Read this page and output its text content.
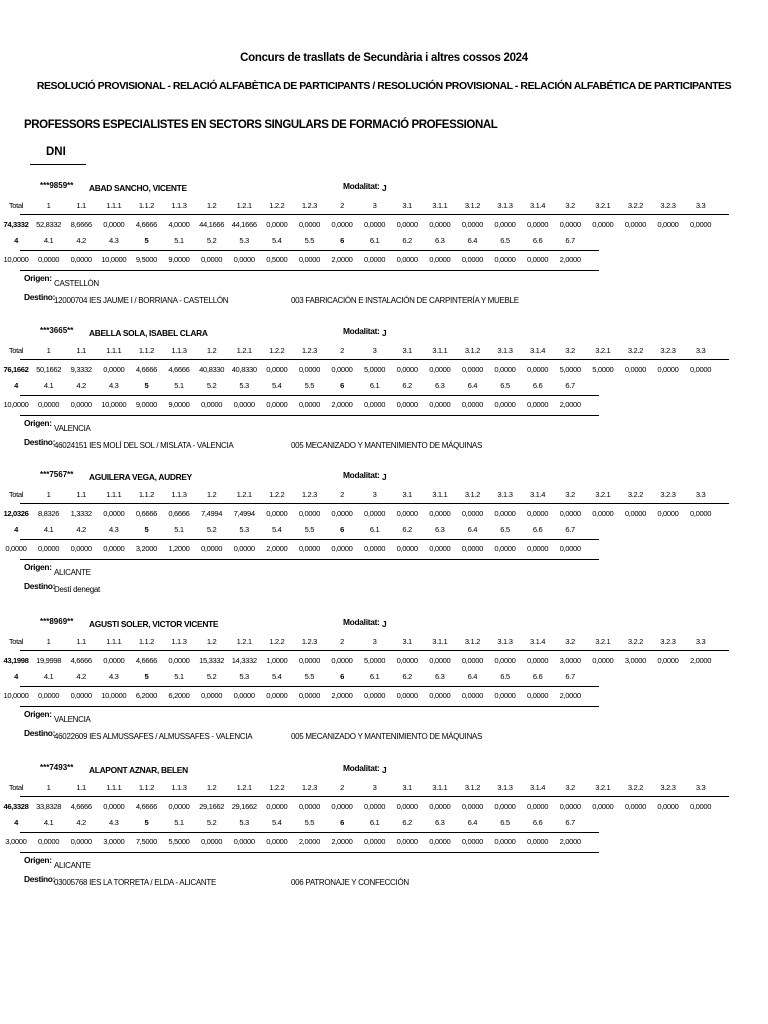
Concurs de trasllats de Secundària i altres cossos 2024
RESOLUCIÓ PROVISIONAL - RELACIÓ ALFABÈTICA DE PARTICIPANTS / RESOLUCIÓN PROVISIONAL - RELACIÓN ALFABÉTICA DE PARTICIPANTES
PROFESSORS ESPECIALISTES EN SECTORS SINGULARS DE FORMACIÓ PROFESSIONAL
DNI
***9859** ABAD SANCHO, VICENTE	Modalitat: J
Total	1	1.1	1.1.1	1.1.2	1.1.3	1.2	1.2.1	1.2.2	1.2.3	2	3	3.1	3.1.1	3.1.2	3.1.3	3.1.4	3.2	3.2.1	3.2.2	3.2.3	3.3
74,3332 52,8332	8,6666	0,0000	4,6666	4,0000	44,1666 44,1666	0,0000	0,0000	0,0000	0,0000	0,0000	0,0000	0,0000	0,0000	0,0000	0,0000	0,0000	0,0000	0,0000	0,0000
4	4.1	4.2	4.3	5	5.1	5.2	5.3	5.4	5.5	6	6.1	6.2	6.3	6.4	6.5	6.6	6.7
10,0000	0,0000	0,0000	10,0000	9,5000	9,0000	0,0000	0,0000	0,5000	0,0000	2,0000	0,0000	0,0000	0,0000	0,0000	0,0000	0,0000	2,0000
Origen:
CASTELLÓN
Destino:
12000704 IES JAUME I / BORRIANA - CASTELLÓN	003 FABRICACIÓN E INSTALACIÓN DE CARPINTERÍA Y MUEBLE
***3665** ABELLA SOLA, ISABEL CLARA	Modalitat: J
Total	1	1.1	1.1.1	1.1.2	1.1.3	1.2	1.2.1	1.2.2	1.2.3	2	3	3.1	3.1.1	3.1.2	3.1.3	3.1.4	3.2	3.2.1	3.2.2	3.2.3	3.3
76,1662 50,1662	9,3332	0,0000	4,6666	4,6666	40,8330 40,8330	0,0000	0,0000	0,0000	5,0000	0,0000	0,0000	0,0000	0,0000	0,0000	5,0000	5,0000	0,0000	0,0000	0,0000
4	4.1	4.2	4.3	5	5.1	5.2	5.3	5.4	5.5	6	6.1	6.2	6.3	6.4	6.5	6.6	6.7
10,0000	0,0000	0,0000	10,0000	9,0000	9,0000	0,0000	0,0000	0,0000	0,0000	2,0000	0,0000	0,0000	0,0000	0,0000	0,0000	0,0000	2,0000
Origen:
VALENCIA
Destino:
46024151 IES MOLÍ DEL SOL / MISLATA - VALENCIA	005 MECANIZADO Y MANTENIMIENTO DE MÁQUINAS
***7567** AGUILERA VEGA, AUDREY	Modalitat: J
Total	1	1.1	1.1.1	1.1.2	1.1.3	1.2	1.2.1	1.2.2	1.2.3	2	3	3.1	3.1.1	3.1.2	3.1.3	3.1.4	3.2	3.2.1	3.2.2	3.2.3	3.3
12,0326	8,8326	1,3332	0,0000	0,6666	0,6666	7,4994	7,4994	0,0000	0,0000	0,0000	0,0000	0,0000	0,0000	0,0000	0,0000	0,0000	0,0000	0,0000	0,0000	0,0000	0,0000
4	4.1	4.2	4.3	5	5.1	5.2	5.3	5.4	5.5	6	6.1	6.2	6.3	6.4	6.5	6.6	6.7
0,0000	0,0000	0,0000	0,0000	3,2000	1,2000	0,0000	0,0000	2,0000	0,0000	0,0000	0,0000	0,0000	0,0000	0,0000	0,0000	0,0000	0,0000
Origen:
ALICANTE
Destino:
Destí denegat
***8969** AGUSTI SOLER, VICTOR VICENTE	Modalitat: J
Total	1	1.1	1.1.1	1.1.2	1.1.3	1.2	1.2.1	1.2.2	1.2.3	2	3	3.1	3.1.1	3.1.2	3.1.3	3.1.4	3.2	3.2.1	3.2.2	3.2.3	3.3
43,1998 19,9998	4,6666	0,0000	4,6666	0,0000	15,3332 14,3332	1,0000	0,0000	0,0000	5,0000	0,0000	0,0000	0,0000	0,0000	0,0000	3,0000	0,0000	3,0000	0,0000	2,0000
4	4.1	4.2	4.3	5	5.1	5.2	5.3	5.4	5.5	6	6.1	6.2	6.3	6.4	6.5	6.6	6.7
10,0000	0,0000	0,0000	10,0000	6,2000	6,2000	0,0000	0,0000	0,0000	0,0000	2,0000	0,0000	0,0000	0,0000	0,0000	0,0000	0,0000	2,0000
Origen:
VALENCIA
Destino:
46022609 IES ALMUSSAFES / ALMUSSAFES - VALENCIA	005 MECANIZADO Y MANTENIMIENTO DE MÁQUINAS
***7493** ALAPONT AZNAR, BELEN	Modalitat: J
Total	1	1.1	1.1.1	1.1.2	1.1.3	1.2	1.2.1	1.2.2	1.2.3	2	3	3.1	3.1.1	3.1.2	3.1.3	3.1.4	3.2	3.2.1	3.2.2	3.2.3	3.3
46,3328 33,8328	4,6666	0,0000	4,6666	0,0000	29,1662 29,1662	0,0000	0,0000	0,0000	0,0000	0,0000	0,0000	0,0000	0,0000	0,0000	0,0000	0,0000	0,0000	0,0000	0,0000
4	4.1	4.2	4.3	5	5.1	5.2	5.3	5.4	5.5	6	6.1	6.2	6.3	6.4	6.5	6.6	6.7
3,0000	0,0000	0,0000	3,0000	7,5000	5,5000	0,0000	0,0000	0,0000	2,0000	2,0000	0,0000	0,0000	0,0000	0,0000	0,0000	0,0000	2,0000
Origen:
ALICANTE
Destino:
03005768 IES LA TORRETA / ELDA - ALICANTE	006 PATRONAJE Y CONFECCIÓN
